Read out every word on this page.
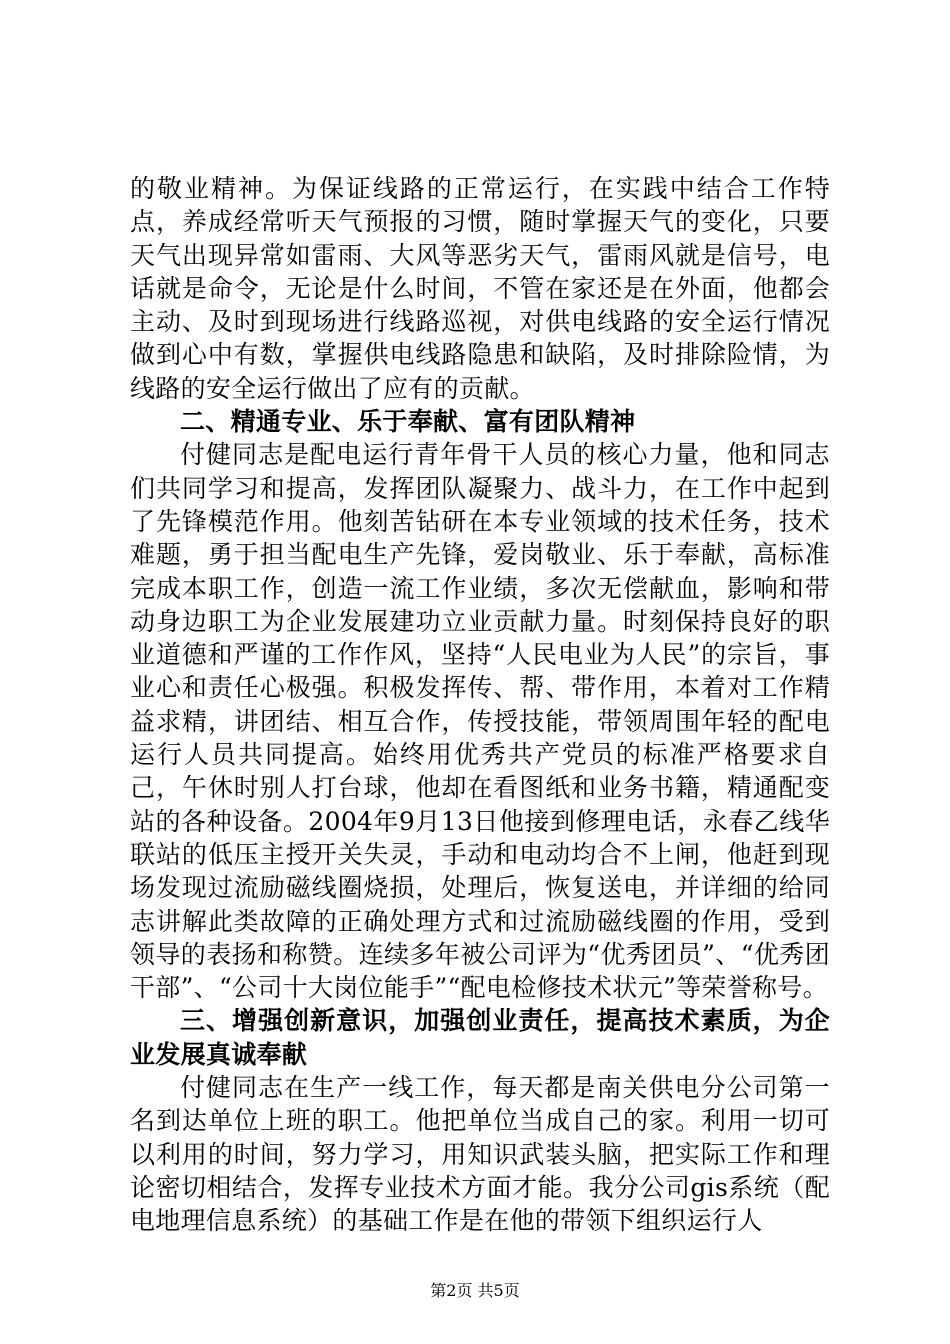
的敬业精神。为保证线路的正常运行，在实践中结合工作特点，养成经常听天气预报的习惯，随时掌握天气的变化，只要天气出现异常如雷雨、大风等恶劣天气，雷雨风就是信号，电话就是命令，无论是什么时间，不管在家还是在外面，他都会主动、及时到现场进行线路巡视，对供电线路的安全运行情况做到心中有数，掌握供电线路隐患和缺陷，及时排除险情，为线路的安全运行做出了应有的贡献。

二、精通专业、乐于奉献、富有团队精神

付健同志是配电运行青年骨干人员的核心力量，他和同志们共同学习和提高，发挥团队凝聚力、战斗力，在工作中起到了先锋模范作用。他刻苦钻研在本专业领域的技术任务，技术难题，勇于担当配电生产先锋，爱岗敬业、乐于奉献，高标准完成本职工作，创造一流工作业绩，多次无偿献血，影响和带动身边职工为企业发展建功立业贡献力量。时刻保持良好的职业道德和严谨的工作作风，坚持“人民电业为人民”的宗旨，事业心和责任心极强。积极发挥传、帮、带作用，本着对工作精益求精，讲团结、相互合作，传授技能，带领周围年轻的配电运行人员共同提高。始终用优秀共产党员的标准严格要求自己，午休时别人打台球，他却在看图纸和业务书籍，精通配变站的各种设备。2004年9月13日他接到修理电话，永春乙线华联站的低压主授开关失灵，手动和电动均合不上闸，他赶到现场发现过流励磁线圈烧损，处理后，恢复送电，并详细的给同志讲解此类故障的正确处理方式和过流励磁线圈的作用，受到领导的表扬和称赞。连续多年被公司评为“优秀团员”、“优秀团干部”、“公司十大岗位能手”“配电检修技术状元”等荣誉称号。

三、增强创新意识，加强创业责任，提高技术素质，为企业发展真诚奉献

付健同志在生产一线工作，每天都是南关供电分公司第一名到达单位上班的职工。他把单位当成自己的家。利用一切可以利用的时间，努力学习，用知识武装头脑，把实际工作和理论密切相结合，发挥专业技术方面才能。我分公司gis系统（配电地理信息系统）的基础工作是在他的带领下组织运行人

第2页 共5页
